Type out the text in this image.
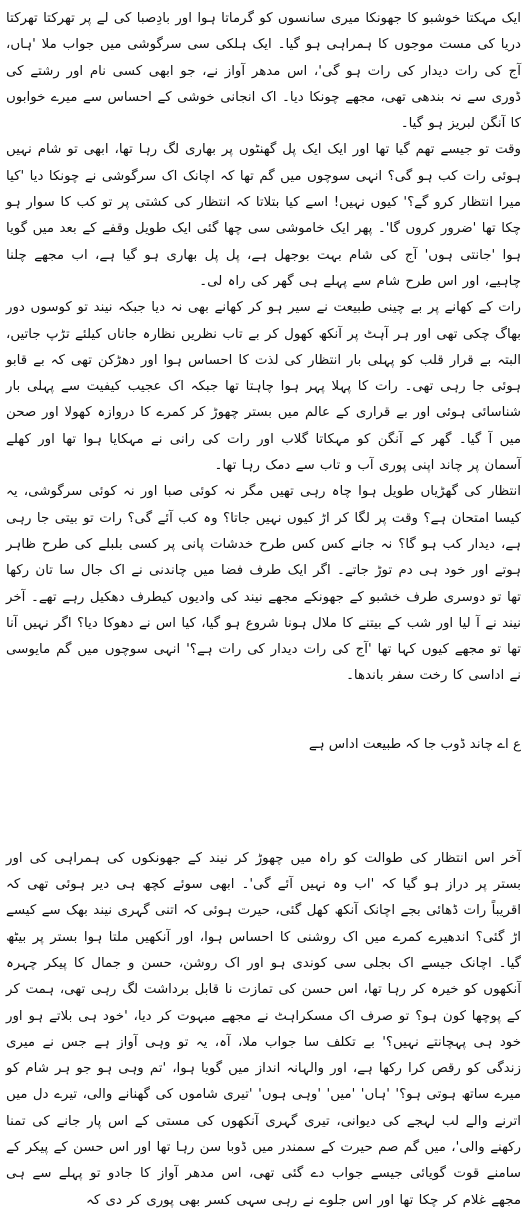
ایک مہکتا خوشبو کا جھونکا میری سانسوں کو گرماتا ہوا اور بادِصبا کی لے پر تھرکتا تھرکتا دریا کی مست موجوں کا ہمراہی ہو گیا۔ ایک ہلکی سی سرگوشی میں جواب ملا 'ہاں، آج کی رات دیدار کی رات ہو گی'، اس مدھر آواز نے، جو ابھی کسی نام اور رشتے کی ڈوری سے نہ بندھی تھی، مجھے چونکا دیا۔ اک انجانی خوشی کے احساس سے میرے خوابوں کا آنگن لبریز ہو گیا۔

وقت تو جیسے تھم گیا تھا اور ایک ایک پل گھنٹوں پر بھاری لگ رہا تھا، ابھی تو شام نہیں ہوئی رات کب ہو گی؟ انہی سوچوں میں گم تھا کہ اچانک اک سرگوشی نے چونکا دیا 'کیا میرا انتظار کرو گے؟' کیوں نہیں! اسے کیا بتلاتا کہ انتظار کی کشتی پر تو کب کا سوار ہو چکا تھا 'ضرور کروں گا'۔ پھر ایک خاموشی سی چھا گئی ایک طویل وقفے کے بعد میں گویا ہوا 'جانتی ہوں' آج کی شام بہت بوجھل ہے، پل پل بھاری ہو گیا ہے، اب مجھے چلنا چاہیے، اور اس طرح شام سے پہلے ہی گھر کی راہ لی۔

رات کے کھانے پر بے چینی طبیعت نے سیر ہو کر کھانے بھی نہ دیا جبکہ نیند تو کوسوں دور بھاگ چکی تھی اور ہر آہٹ پر آنکھ کھول کر بے تاب نظریں نظارہ جاناں کیلئے تڑپ جاتیں، البتہ بے قرار قلب کو پہلی بار انتظار کی لذت کا احساس ہوا اور دھڑکن تھی کہ بے قابو ہوئی جا رہی تھی۔ رات کا پہلا پہر ہوا چاہتا تھا جبکہ اک عجیب کیفیت سے پہلی بار شناسائی ہوئی اور بے قراری کے عالم میں بستر چھوڑ کر کمرے کا دروازہ کھولا اور صحن میں آ گیا۔ گھر کے آنگن کو مہکاتا گلاب اور رات کی رانی نے مہکایا ہوا تھا اور کھلے آسمان پر چاند اپنی پوری آب و تاب سے دمک رہا تھا۔

انتظار کی گھڑیاں طویل ہوا چاہ رہی تھیں مگر نہ کوئی صبا اور نہ کوئی سرگوشی، یہ کیسا امتحان ہے؟ وقت پر لگا کر اڑ کیوں نہیں جاتا؟ وہ کب آئے گی؟ رات تو بیتی جا رہی ہے، دیدار کب ہو گا؟ نہ جانے کس کس طرح خدشات پانی پر کسی بلبلے کی طرح ظاہر ہوتے اور خود ہی دم توڑ جاتے۔ اگر ایک طرف فضا میں چاندنی نے اک جال سا تان رکھا تھا تو دوسری طرف خشبو کے جھونکے مجھے نیند کی وادیوں کیطرف دھکیل رہے تھے۔ آخر نیند نے آ لیا اور شب کے بیتنے کا ملال ہونا شروع ہو گیا، کیا اس نے دھوکا دیا؟ اگر نہیں آنا تھا تو مجھے کیوں کہا تھا 'آج کی رات دیدار کی رات ہے؟' انہی سوچوں میں گم مایوسی نے اداسی کا رخت سفر باندھا۔

ع اے چاند ڈوب جا کہ طبیعت اداس ہے

آخر اس انتظار کی طوالت کو راہ میں چھوڑ کر نیند کے جھونکوں کی ہمراہی کی اور بستر پر دراز ہو گیا کہ 'اب وہ نہیں آئے گی'۔ ابھی سوئے کچھ ہی دیر ہوئی تھی کہ اقریباً رات ڈھائی بجے اچانک آنکھ کھل گئی، حیرت ہوئی کہ اتنی گہری نیند بھک سے کیسے اڑ گئی؟ اندھیرے کمرے میں اک روشنی کا احساس ہوا، اور آنکھیں ملتا ہوا بستر پر بیٹھ گیا۔ اچانک جیسے اک بجلی سی کوندی ہو اور اک روشن، حسن و جمال کا پیکر چہرہ آنکھوں کو خیرہ کر رہا تھا، اس حسن کی تمازت نا قابل برداشت لگ رہی تھی، ہمت کر کے پوچھا کون ہو؟ تو صرف اک مسکراہٹ نے مجھے مبہوت کر دیا، 'خود ہی بلاتے ہو اور خود ہی پہچانتے نہیں؟' بے تکلف سا جواب ملا، آہ، یہ تو وہی آواز ہے جس نے میری زندگی کو رقص کرا رکھا ہے، اور والہانہ انداز میں گویا ہوا، 'تم وہی ہو جو ہر شام کو میرے ساتھ ہوتی ہو؟' 'ہاں' 'میں' 'وہی ہوں' 'تیری شاموں کی گھنانے والی، تیرے دل میں اترنے والے لب لہجے کی دیوانی، تیری گہری آنکھوں کی مستی کے اس پار جانے کی تمنا رکھنے والی'، میں گم صم حیرت کے سمندر میں ڈوبا سن رہا تھا اور اس حسن کے پیکر کے سامنے قوت گویائی جیسے جواب دے گئی تھی، اس مدھر آواز کا جادو تو پہلے سے ہی مجھے غلام کر چکا تھا اور اس جلوے نے رہی سہی کسر بھی پوری کر دی کہ
